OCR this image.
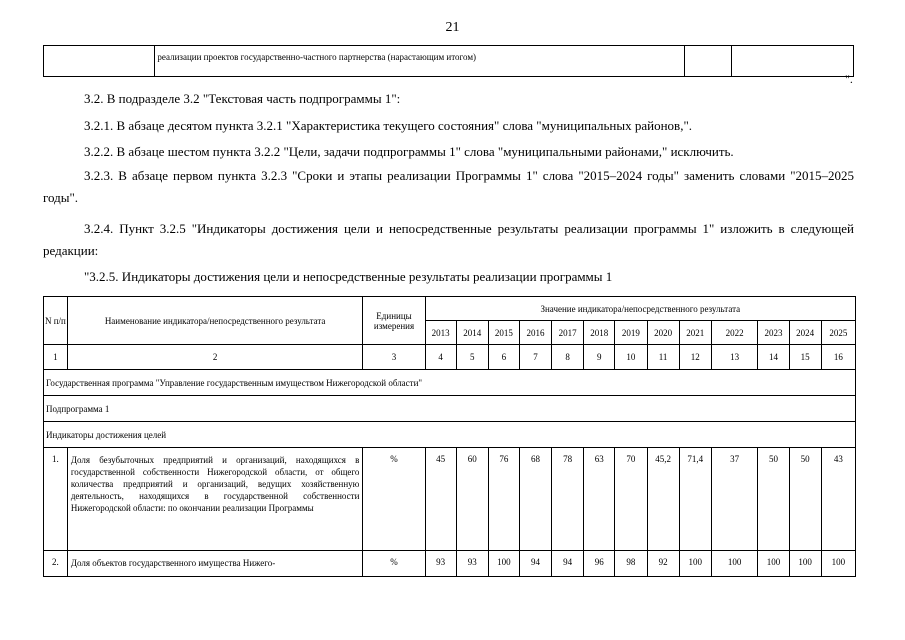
21
	реализации проектов государственно-частного партнерства (нарастающим итогом)		
".
3.2. В подразделе 3.2 "Текстовая часть подпрограммы 1":
3.2.1. В абзаце десятом пункта 3.2.1 "Характеристика текущего состояния" слова "муниципальных районов,".
3.2.2. В абзаце шестом пункта 3.2.2 "Цели, задачи подпрограммы 1" слова "муниципальными районами," исключить.
3.2.3. В абзаце первом пункта 3.2.3 "Сроки и этапы реализации Программы 1" слова "2015–2024 годы" заменить словами "2015–2025 годы".
3.2.4. Пункт 3.2.5 "Индикаторы достижения цели и непосредственные результаты реализации программы 1" изложить в следующей редакции:
"3.2.5. Индикаторы достижения цели и непосредственные результаты реализации программы 1
N п/п	Наименование индикатора/непосредственного результата	Единицы измерения	Значение индикатора/непосредственного результата												
			2013	2014	2015	2016	2017	2018	2019	2020	2021	2022	2023	2024	2025
1	2	3	4	5	6	7	8	9	10	11	12	13	14	15	16
Государственная программа "Управление государственным имуществом Нижегородской области"															
Подпрограмма 1															
Индикаторы достижения целей															
1.	Доля безубыточных предприятий и организаций, находящихся в государственной собственности Нижегородской области, от общего количества предприятий и организаций, ведущих хозяйственную деятельность, находящихся в государственной собственности Нижегородской области: по окончании реализации Программы	%	45	60	76	68	78	63	70	45,2	71,4	37	50	50	43
2.	Доля объектов государственного имущества Нижего-	%	93	93	100	94	94	96	98	92	100	100	100	100	100
